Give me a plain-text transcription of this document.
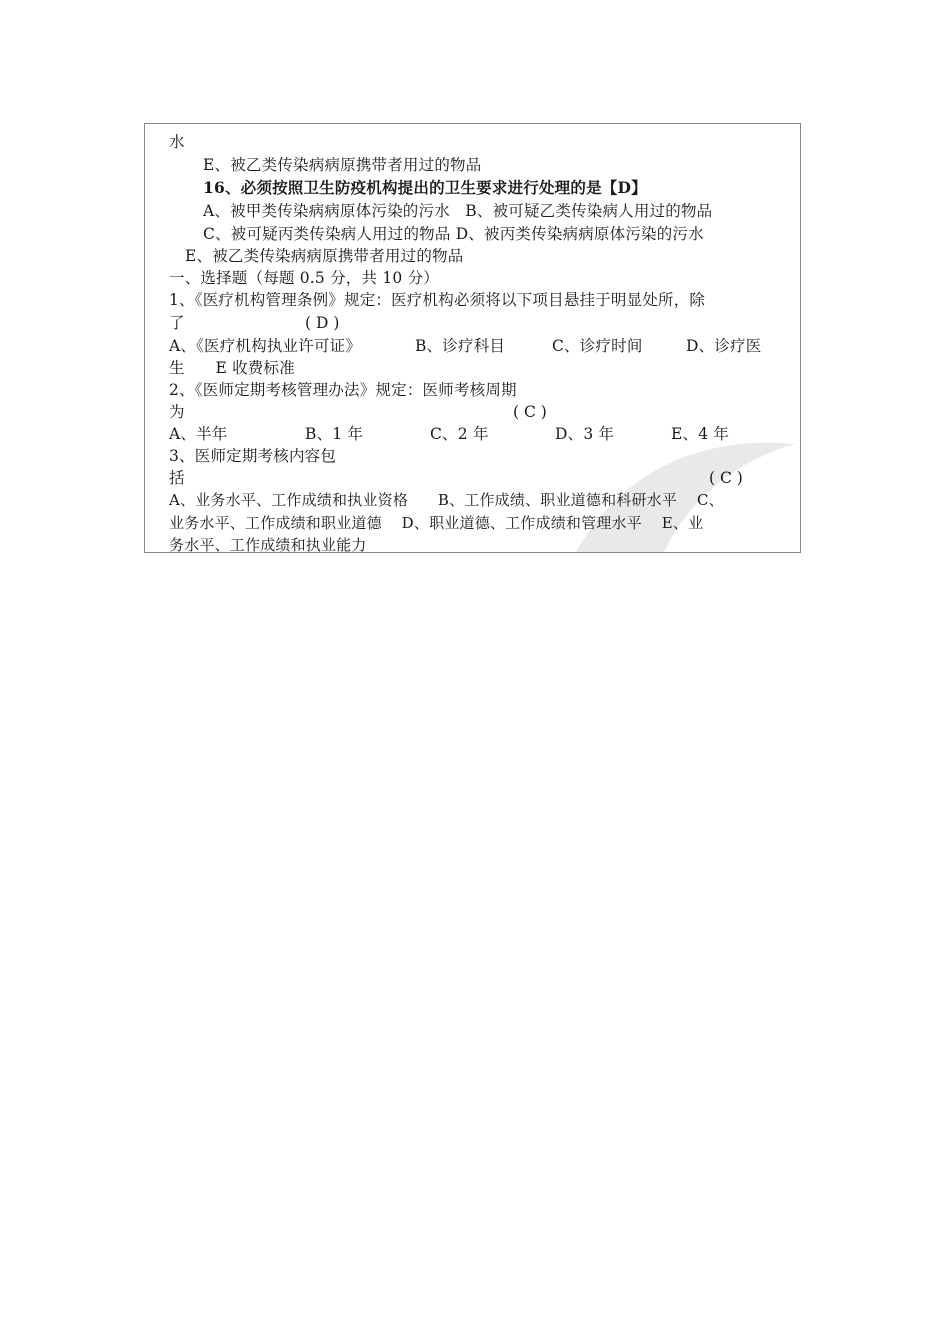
水
E、被乙类传染病病原携带者用过的物品
16、必须按照卫生防疫机构提出的卫生要求进行处理的是【D】
A、被甲类传染病病原体污染的污水   B、被可疑乙类传染病人用过的物品
C、被可疑丙类传染病人用过的物品 D、被丙类传染病病原体污染的污水
E、被乙类传染病病原携带者用过的物品
一、选择题（每题 0.5 分，共 10 分）
1、《医疗机构管理条例》规定：医疗机构必须将以下项目悬挂于明显处所，除
了	( D )
A、《医疗机构执业许可证》	B、诊疗科目	C、诊疗时间	D、诊疗医
生      E 收费标准
2、《医师定期考核管理办法》规定：医师考核周期
为	( C )
A、半年	B、1 年	C、2 年	D、3 年	E、4 年
3、医师定期考核内容包
括	( C )
A、业务水平、工作成绩和执业资格      B、工作成绩、职业道德和科研水平    C、
业务水平、工作成绩和职业道德    D、职业道德、工作成绩和管理水平    E、业
务水平、工作成绩和执业能力
